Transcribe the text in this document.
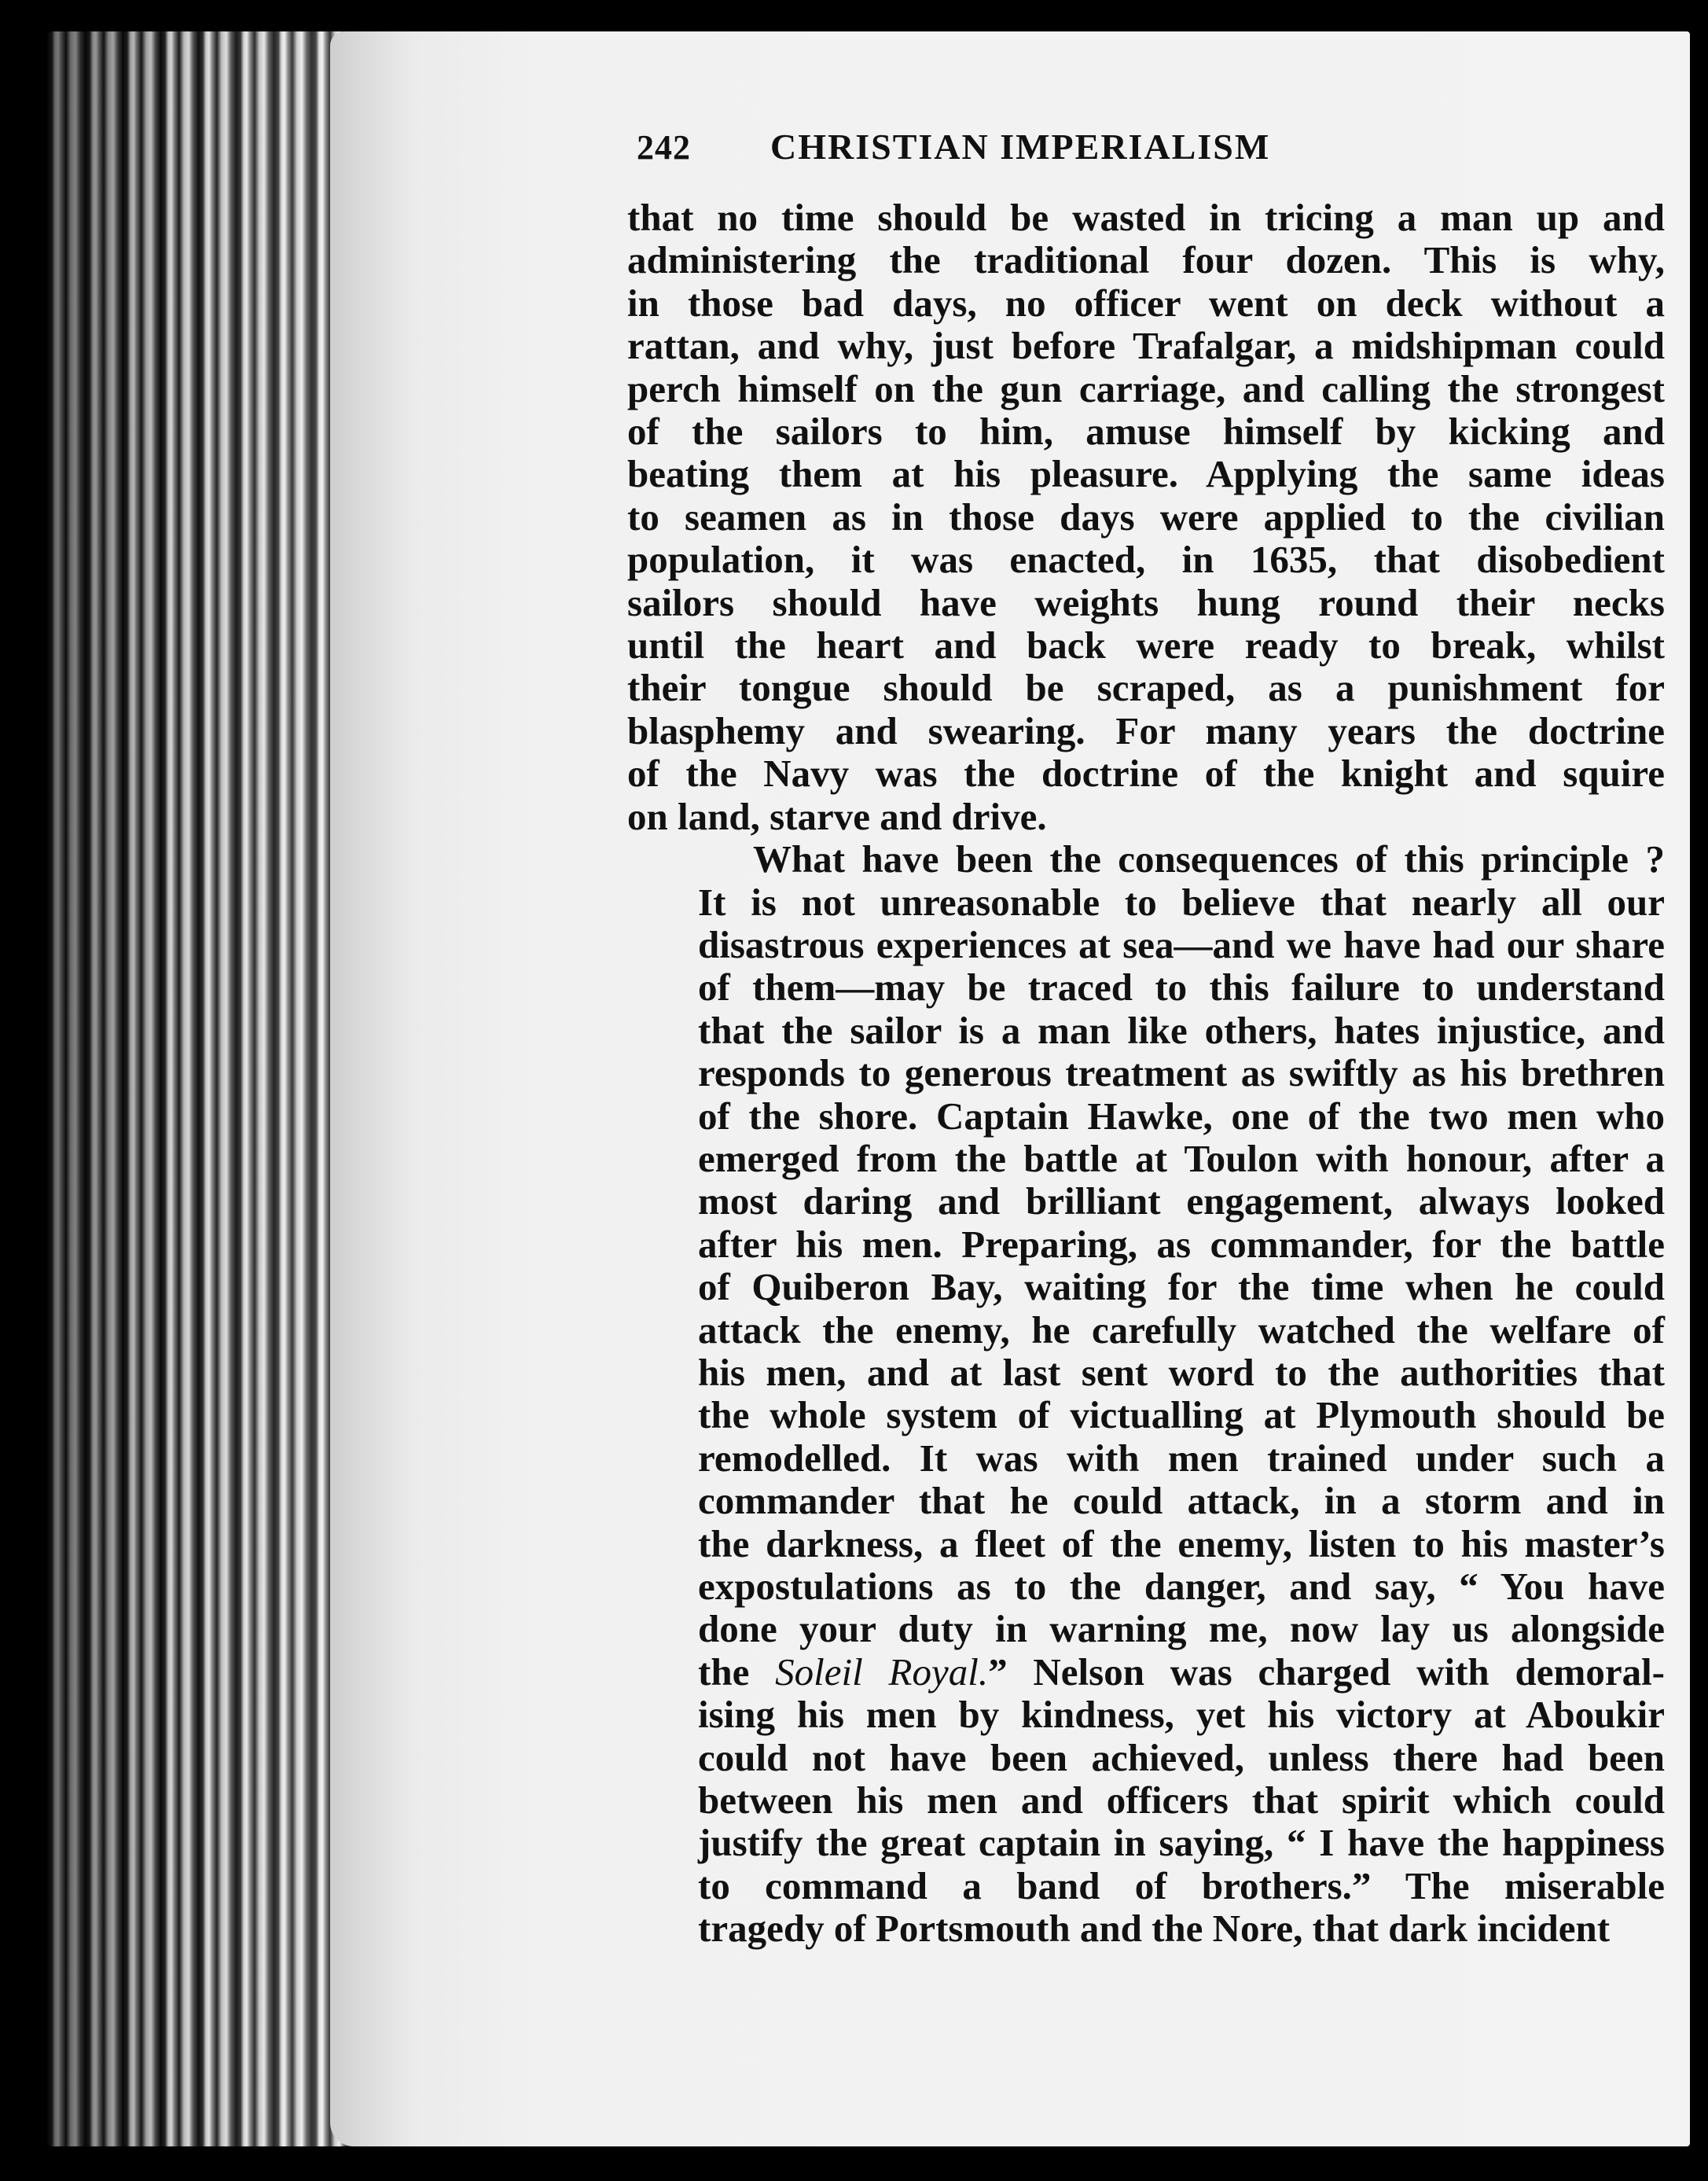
242	CHRISTIAN IMPERIALISM
that no time should be wasted in tricing a man up and
administering the traditional four dozen. This is why,
in those bad days, no officer went on deck without a
rattan, and why, just before Trafalgar, a midshipman could
perch himself on the gun carriage, and calling the strongest
of the sailors to him, amuse himself by kicking and
beating them at his pleasure. Applying the same ideas
to seamen as in those days were applied to the civilian
population, it was enacted, in 1635, that disobedient
sailors should have weights hung round their necks
until the heart and back were ready to break, whilst
their tongue should be scraped, as a punishment for
blasphemy and swearing. For many years the doctrine
of the Navy was the doctrine of the knight and squire
on land, starve and drive.
What have been the consequences of this principle ?
It is not unreasonable to believe that nearly all our
disastrous experiences at sea—and we have had our share
of them—may be traced to this failure to understand
that the sailor is a man like others, hates injustice, and
responds to generous treatment as swiftly as his brethren
of the shore. Captain Hawke, one of the two men who
emerged from the battle at Toulon with honour, after a
most daring and brilliant engagement, always looked
after his men. Preparing, as commander, for the battle
of Quiberon Bay, waiting for the time when he could
attack the enemy, he carefully watched the welfare of
his men, and at last sent word to the authorities that
the whole system of victualling at Plymouth should be
remodelled. It was with men trained under such a
commander that he could attack, in a storm and in
the darkness, a fleet of the enemy, listen to his master’s
expostulations as to the danger, and say, “ You have
done your duty in warning me, now lay us alongside
the Soleil Royal.” Nelson was charged with demoral-
ising his men by kindness, yet his victory at Aboukir
could not have been achieved, unless there had been
between his men and officers that spirit which could
justify the great captain in saying, “ I have the happiness
to command a band of brothers.” The miserable
tragedy of Portsmouth and the Nore, that dark incident
